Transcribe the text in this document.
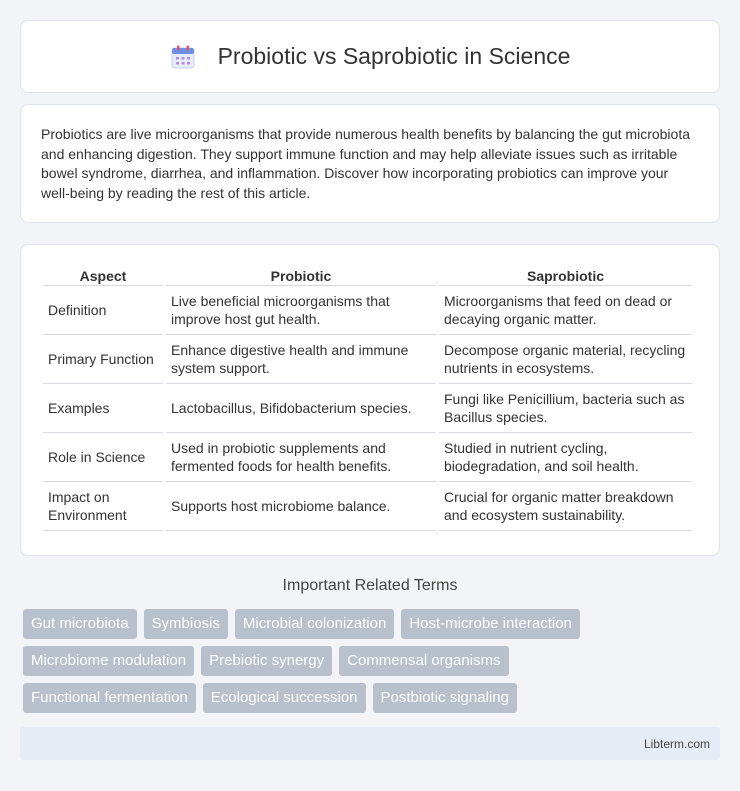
Probiotic vs Saprobiotic in Science

Probiotics are live microorganisms that provide numerous health benefits by balancing the gut microbiota and enhancing digestion. They support immune function and may help alleviate issues such as irritable bowel syndrome, diarrhea, and inflammation. Discover how incorporating probiotics can improve your well-being by reading the rest of this article.

Aspect	Probiotic	Saprobiotic
Definition	Live beneficial microorganisms that improve host gut health.	Microorganisms that feed on dead or decaying organic matter.
Primary Function	Enhance digestive health and immune system support.	Decompose organic material, recycling nutrients in ecosystems.
Examples	Lactobacillus, Bifidobacterium species.	Fungi like Penicillium, bacteria such as Bacillus species.
Role in Science	Used in probiotic supplements and fermented foods for health benefits.	Studied in nutrient cycling, biodegradation, and soil health.
Impact on Environment	Supports host microbiome balance.	Crucial for organic matter breakdown and ecosystem sustainability.
Important Related Terms
Gut microbiota	Symbiosis	Microbial colonization	Host-microbe interaction
Microbiome modulation	Prebiotic synergy	Commensal organisms
Functional fermentation	Ecological succession	Postbiotic signaling
Libterm.com
